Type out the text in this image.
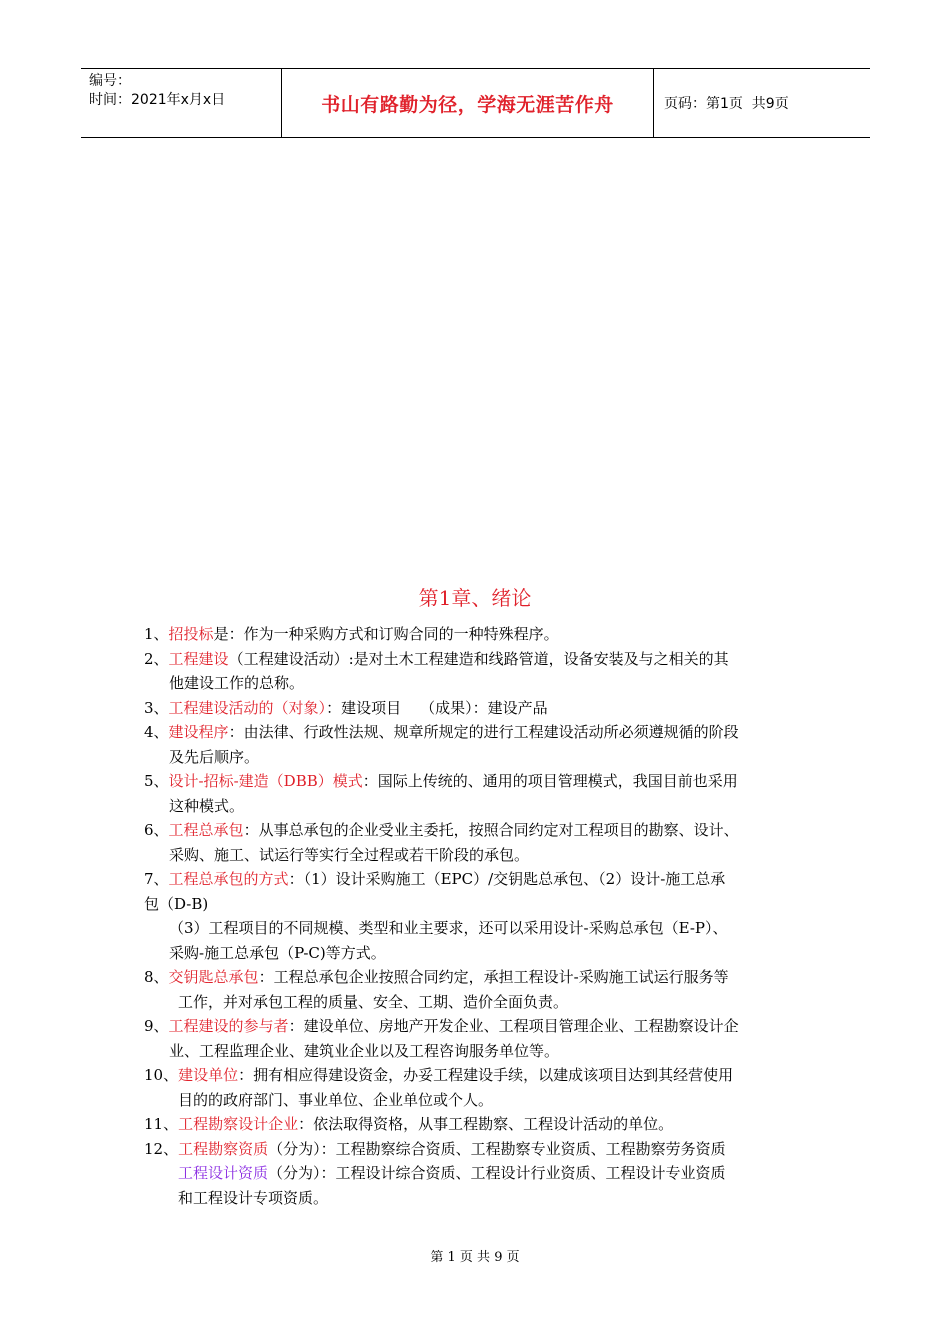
编号：
时间：2021年x月x日	书山有路勤为径，学海无涯苦作舟	页码：第1页  共9页
第1章、绪论
1、招投标是：作为一种采购方式和订购合同的一种特殊程序。
2、工程建设（工程建设活动）:是对土木工程建造和线路管道，设备安装及与之相关的其
他建设工作的总称。
3、工程建设活动的（对象）：建设项目    （成果）：建设产品
4、建设程序：由法律、行政性法规、规章所规定的进行工程建设活动所必须遵规循的阶段
及先后顺序。
5、设计-招标-建造（DBB）模式：国际上传统的、通用的项目管理模式，我国目前也采用
这种模式。
6、工程总承包：从事总承包的企业受业主委托，按照合同约定对工程项目的勘察、设计、
采购、施工、试运行等实行全过程或若干阶段的承包。
7、工程总承包的方式：（1）设计采购施工（EPC）/交钥匙总承包、（2）设计-施工总承
包（D-B)
（3）工程项目的不同规模、类型和业主要求，还可以采用设计-采购总承包（E-P）、
采购-施工总承包（P-C)等方式。
8、交钥匙总承包：工程总承包企业按照合同约定，承担工程设计-采购施工试运行服务等
工作，并对承包工程的质量、安全、工期、造价全面负责。
9、工程建设的参与者：建设单位、房地产开发企业、工程项目管理企业、工程勘察设计企
业、工程监理企业、建筑业企业以及工程咨询服务单位等。
10、建设单位：拥有相应得建设资金，办妥工程建设手续，以建成该项目达到其经营使用
目的的政府部门、事业单位、企业单位或个人。
11、工程勘察设计企业：依法取得资格，从事工程勘察、工程设计活动的单位。
12、工程勘察资质（分为）：工程勘察综合资质、工程勘察专业资质、工程勘察劳务资质
工程设计资质（分为）：工程设计综合资质、工程设计行业资质、工程设计专业资质
和工程设计专项资质。
第 1 页 共 9 页
